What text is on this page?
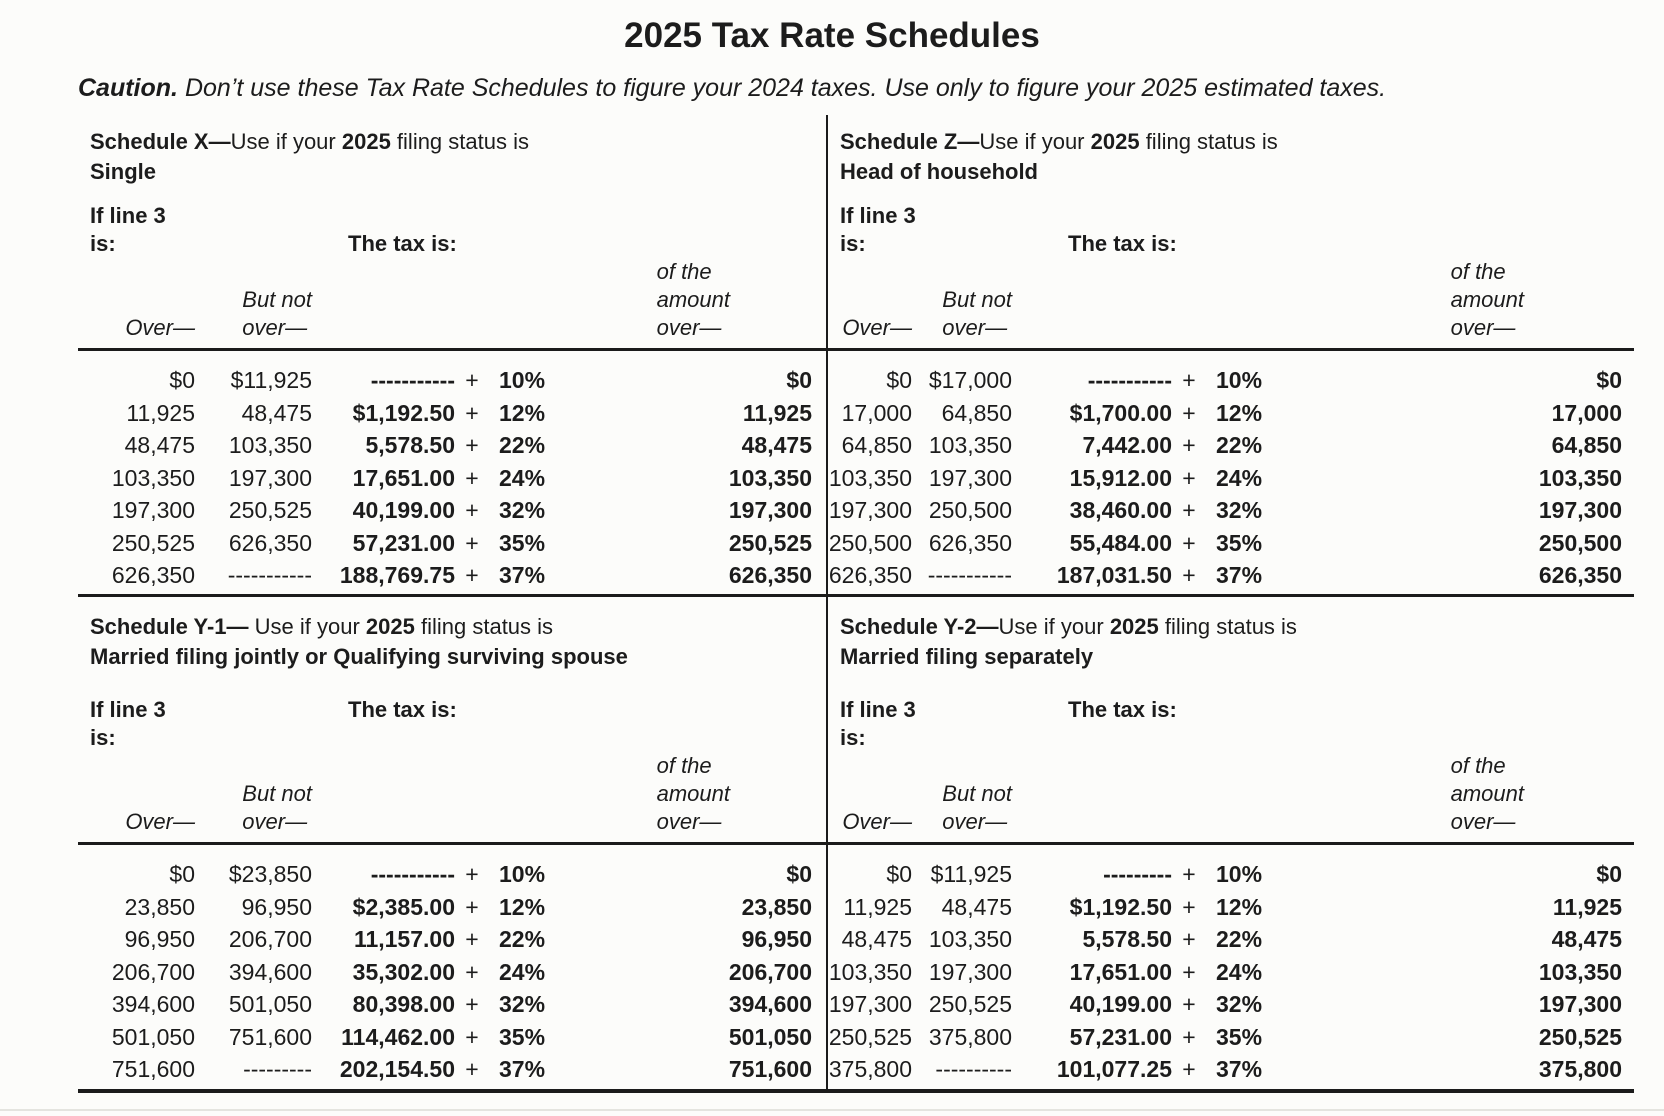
2025 Tax Rate Schedules

Caution. Don’t use these Tax Rate Schedules to figure your 2024 taxes. Use only to figure your 2025 estimated taxes.

Schedule X—Use if your 2025 filing status is
Single
If line 3
is:	The tax is:
Over—	But not
over—				of the
amount
over—
$0	$11,925	-----------	+	10%	$0
11,925	48,475	$1,192.50	+	12%	11,925
48,475	103,350	5,578.50	+	22%	48,475
103,350	197,300	17,651.00	+	24%	103,350
197,300	250,525	40,199.00	+	32%	197,300
250,525	626,350	57,231.00	+	35%	250,525
626,350	-----------	188,769.75	+	37%	626,350
Schedule Z—Use if your 2025 filing status is
Head of household
If line 3
is:	The tax is:
Over—	But not
over—				of the
amount
over—
$0	$17,000	-----------	+	10%	$0
17,000	64,850	$1,700.00	+	12%	17,000
64,850	103,350	7,442.00	+	22%	64,850
103,350	197,300	15,912.00	+	24%	103,350
197,300	250,500	38,460.00	+	32%	197,300
250,500	626,350	55,484.00	+	35%	250,500
626,350	-----------	187,031.50	+	37%	626,350
Schedule Y-1— Use if your 2025 filing status is
Married filing jointly or Qualifying surviving spouse
If line 3
is:
The tax is:
Over—	But not
over—				of the
amount
over—
$0	$23,850	-----------	+	10%	$0
23,850	96,950	$2,385.00	+	12%	23,850
96,950	206,700	11,157.00	+	22%	96,950
206,700	394,600	35,302.00	+	24%	206,700
394,600	501,050	80,398.00	+	32%	394,600
501,050	751,600	114,462.00	+	35%	501,050
751,600	---------	202,154.50	+	37%	751,600
Schedule Y-2—Use if your 2025 filing status is
Married filing separately
If line 3
is:
The tax is:
Over—	But not
over—				of the
amount
over—
$0	$11,925	---------	+	10%	$0
11,925	48,475	$1,192.50	+	12%	11,925
48,475	103,350	5,578.50	+	22%	48,475
103,350	197,300	17,651.00	+	24%	103,350
197,300	250,525	40,199.00	+	32%	197,300
250,525	375,800	57,231.00	+	35%	250,525
375,800	----------	101,077.25	+	37%	375,800
